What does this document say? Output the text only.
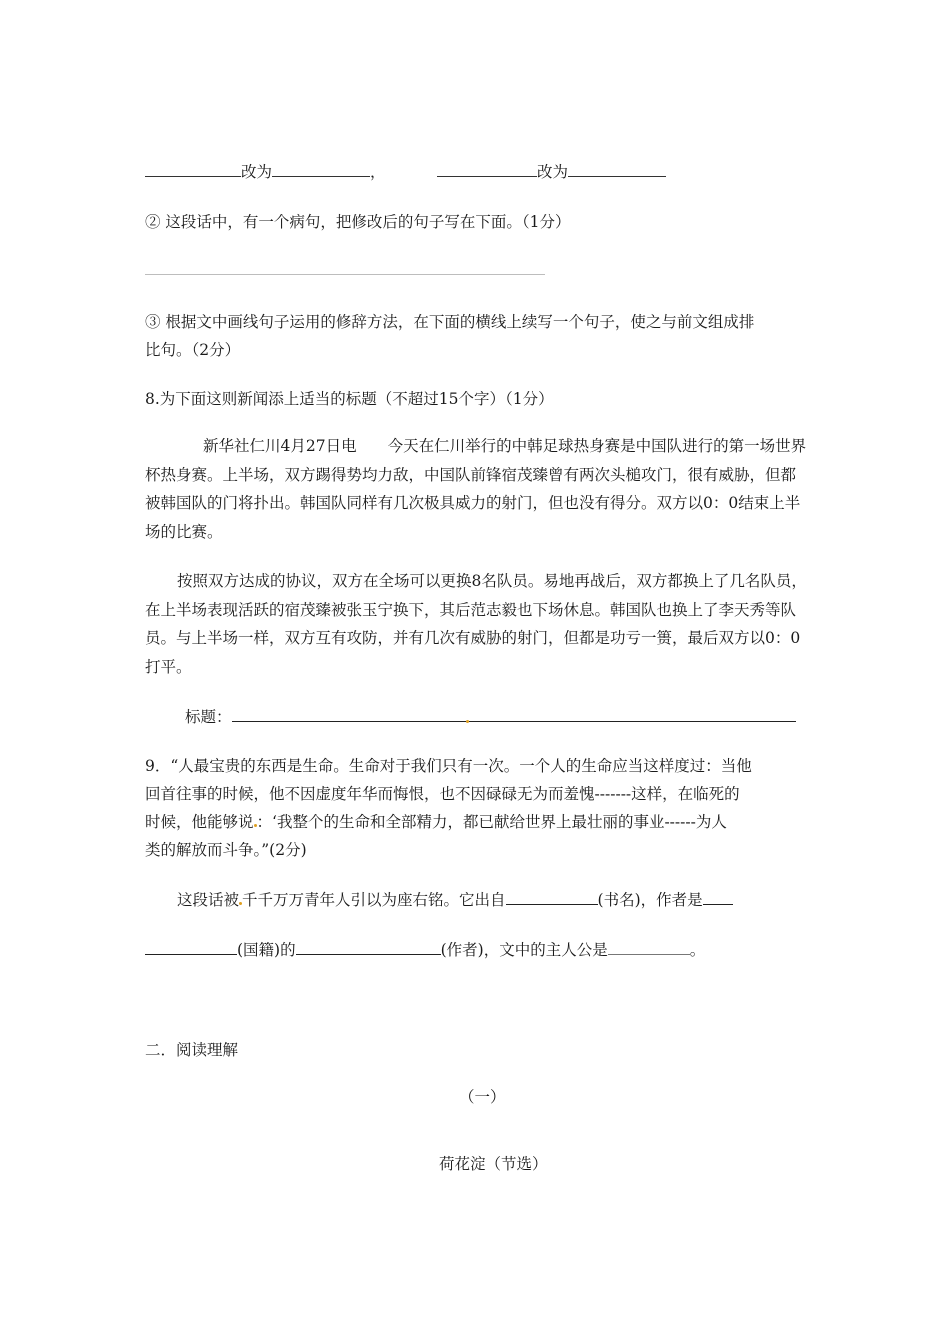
改为	，	改为
② 这段话中，有一个病句，把修改后的句子写在下面。（1分）
③ 根据文中画线句子运用的修辞方法，在下面的横线上续写一个句子，使之与前文组成排
比句。（2分）
8.为下面这则新闻添上适当的标题（不超过15个字）（1分）
新华社仁川4月27日电　　今天在仁川举行的中韩足球热身赛是中国队进行的第一场世界杯热身赛。上半场，双方踢得势均力敌，中国队前锋宿茂臻曾有两次头槌攻门，很有威胁，但都被韩国队的门将扑出。韩国队同样有几次极具威力的射门，但也没有得分。双方以0：0结束上半场的比赛。
按照双方达成的协议，双方在全场可以更换8名队员。易地再战后，双方都换上了几名队员，在上半场表现活跃的宿茂臻被张玉宁换下，其后范志毅也下场休息。韩国队也换上了李天秀等队员。与上半场一样，双方互有攻防，并有几次有威胁的射门，但都是功亏一篑，最后双方以0：0打平。
标题：
9．“人最宝贵的东西是生命。生命对于我们只有一次。一个人的生命应当这样度过：当他
回首往事的时候，他不因虚度年华而悔恨，也不因碌碌无为而羞愧-------这样，在临死的
时候，他能够说 ：‘我整个的生命和全部精力，都已献给世界上最壮丽的事业------为人
类的解放而斗争。”(2分)
这段话被 千千万万青年人引以为座右铭。它出自	(书名)，作者是
(国籍)的	(作者)，文中的主人公是	。
二．阅读理解
（一）
荷花淀（节选）
